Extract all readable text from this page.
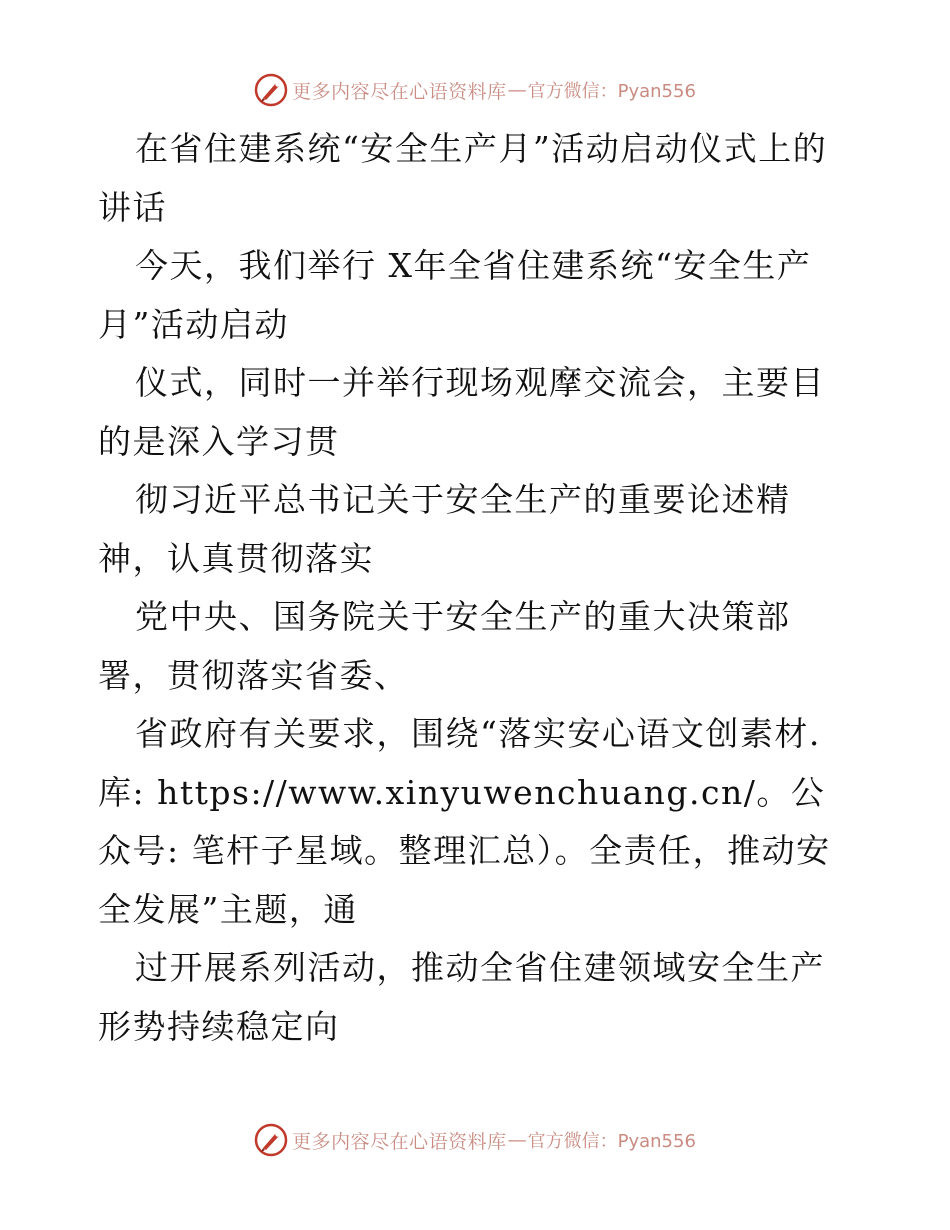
更多内容尽在心语资料库 — 官方微信：Pyan556

在省住建系统“安全生产月”活动启动仪式上的讲话

今天，我们举行 X年全省住建系统“安全生产月”活动启动

仪式，同时一并举行现场观摩交流会，主要目的是深入学习贯

彻习近平总书记关于安全生产的重要论述精神，认真贯彻落实

党中央、国务院关于安全生产的重大决策部署，贯彻落实省委、

省政府有关要求，围绕“落实安心语文创素材.库: https://www.xinyuwenchuang.cn/。公众号: 笔杆子星域。整理汇总）。全责任，推动安全发展”主题，通

过开展系列活动，推动全省住建领域安全生产形势持续稳定向

更多内容尽在心语资料库 — 官方微信：Pyan556
